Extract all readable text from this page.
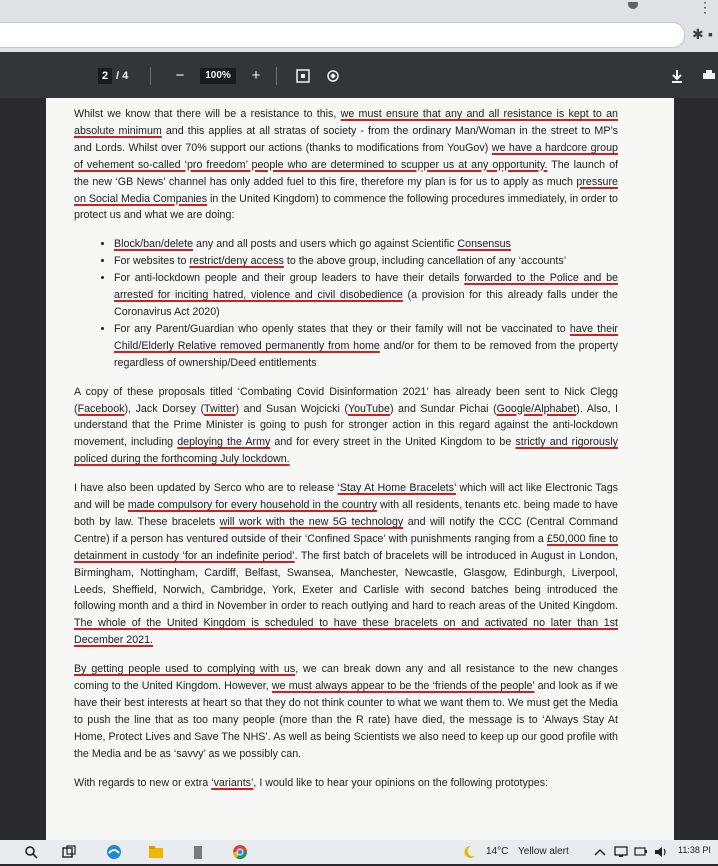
⋮
✱ ▪
2 / 4	−	100%	+

Whilst we know that there will be a resistance to this, we must ensure that any and all resistance is kept to an absolute minimum and this applies at all stratas of society - from the ordinary Man/Woman in the street to MP’s and Lords. Whilst over 70% support our actions (thanks to modifications from YouGov) we have a hardcore group of vehement so-called ‘pro freedom’ people who are determined to scupper us at any opportunity. The launch of the new ‘GB News’ channel has only added fuel to this fire, therefore my plan is for us to apply as much pressure on Social Media Companies in the United Kingdom) to commence the following procedures immediately, in order to protect us and what we are doing:

• Block/ban/delete any and all posts and users which go against Scientific Consensus
• For websites to restrict/deny access to the above group, including cancellation of any ‘accounts’
• For anti-lockdown people and their group leaders to have their details forwarded to the Police and be arrested for inciting hatred, violence and civil disobedience (a provision for this already falls under the Coronavirus Act 2020)
• For any Parent/Guardian who openly states that they or their family will not be vaccinated to have their Child/Elderly Relative removed permanently from home and/or for them to be removed from the property regardless of ownership/Deed entitlements

A copy of these proposals titled ‘Combating Covid Disinformation 2021’ has already been sent to Nick Clegg (Facebook), Jack Dorsey (Twitter) and Susan Wojcicki (YouTube) and Sundar Pichai (Google/Alphabet). Also, I understand that the Prime Minister is going to push for stronger action in this regard against the anti-lockdown movement, including deploying the Army and for every street in the United Kingdom to be strictly and rigorously policed during the forthcoming July lockdown.

I have also been updated by Serco who are to release ‘Stay At Home Bracelets’ which will act like Electronic Tags and will be made compulsory for every household in the country with all residents, tenants etc. being made to have both by law. These bracelets will work with the new 5G technology and will notify the CCC (Central Command Centre) if a person has ventured outside of their ‘Confined Space’ with punishments ranging from a £50,000 fine to detainment in custody ‘for an indefinite period’. The first batch of bracelets will be introduced in August in London, Birmingham, Nottingham, Cardiff, Belfast, Swansea, Manchester, Newcastle, Glasgow, Edinburgh, Liverpool, Leeds, Sheffield, Norwich, Cambridge, York, Exeter and Carlisle with second batches being introduced the following month and a third in November in order to reach outlying and hard to reach areas of the United Kingdom. The whole of the United Kingdom is scheduled to have these bracelets on and activated no later than 1st December 2021.

By getting people used to complying with us, we can break down any and all resistance to the new changes coming to the United Kingdom. However, we must always appear to be the ‘friends of the people’ and look as if we have their best interests at heart so that they do not think counter to what we want them to. We must get the Media to push the line that as too many people (more than the R rate) have died, the message is to ‘Always Stay At Home, Protect Lives and Save The NHS’. As well as being Scientists we also need to keep up our good profile with the Media and be as ‘savvy’ as we possibly can.

With regards to new or extra ‘variants’, I would like to hear your opinions on the following prototypes:

14°C Yellow alert	11:38 PI
